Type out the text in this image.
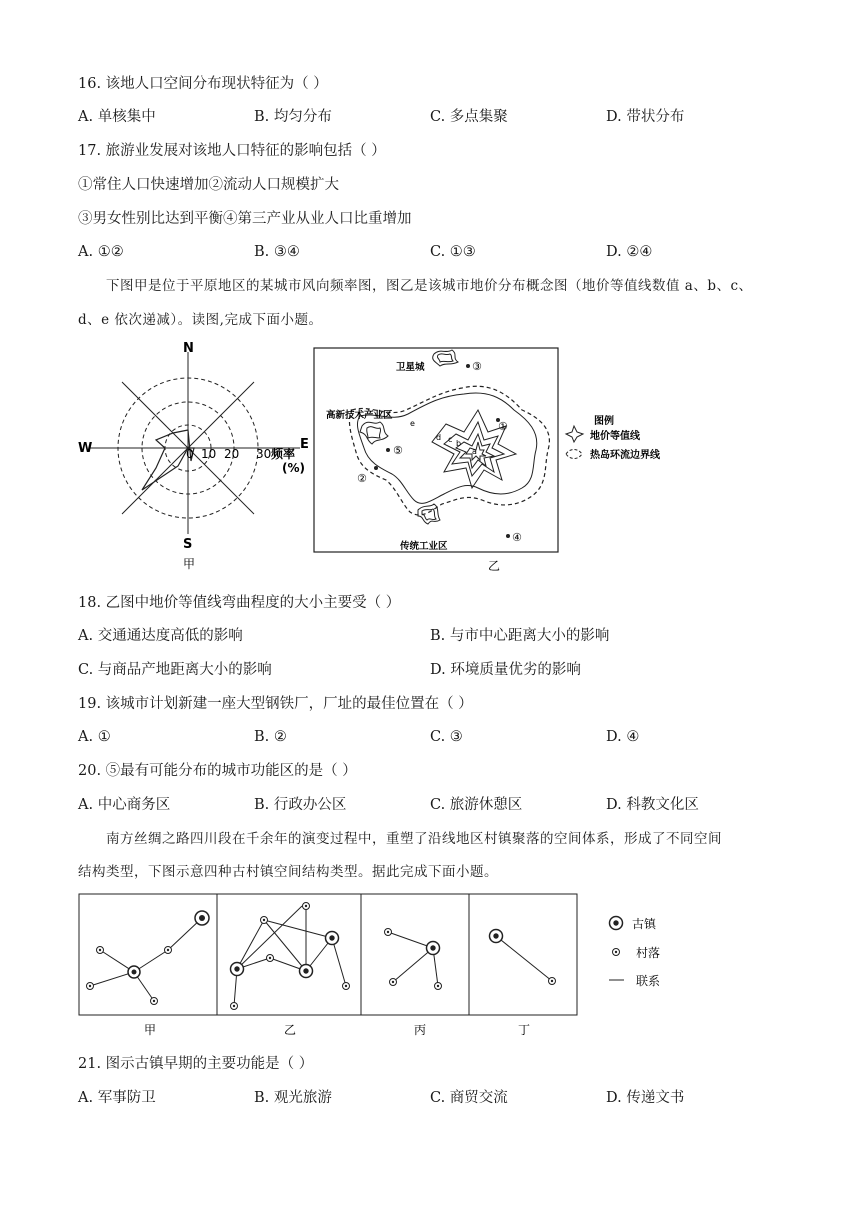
16. 该地人口空间分布现状特征为（ ）
A. 单核集中	B. 均匀分布	C. 多点集聚	D. 带状分布
17. 旅游业发展对该地人口特征的影响包括（ ）
①常住人口快速增加②流动人口规模扩大
③男女性别比达到平衡④第三产业从业人口比重增加
A. ①②	B. ③④	C. ①③	D. ②④
下图甲是位于平原地区的某城市风向频率图，图乙是该城市地价分布概念图（地价等值线数值 a、b、c、
d、e 依次递减）。读图,完成下面小题。
N
S
W	E
0 10 20 30 频率
(%)
甲
①
②
③
④
⑤	a
b
c
d
e
卫星城
高新技术产业区
传统工业区
乙
图例
地价等值线
热岛环流边界线
18. 乙图中地价等值线弯曲程度的大小主要受（ ）
A. 交通通达度高低的影响	B. 与市中心距离大小的影响
C. 与商品产地距离大小的影响	D. 环境质量优劣的影响
19. 该城市计划新建一座大型钢铁厂，厂址的最佳位置在（ ）
A. ①	B. ②	C. ③	D. ④
20. ⑤最有可能分布的城市功能区的是（ ）
A. 中心商务区	B. 行政办公区	C. 旅游休憩区	D. 科教文化区
南方丝绸之路四川段在千余年的演变过程中，重塑了沿线地区村镇聚落的空间体系，形成了不同空间
结构类型，下图示意四种古村镇空间结构类型。据此完成下面小题。
古镇
村落
联系
甲	乙	丙	丁
21. 图示古镇早期的主要功能是（ ）
A. 军事防卫	B. 观光旅游	C. 商贸交流	D. 传递文书
